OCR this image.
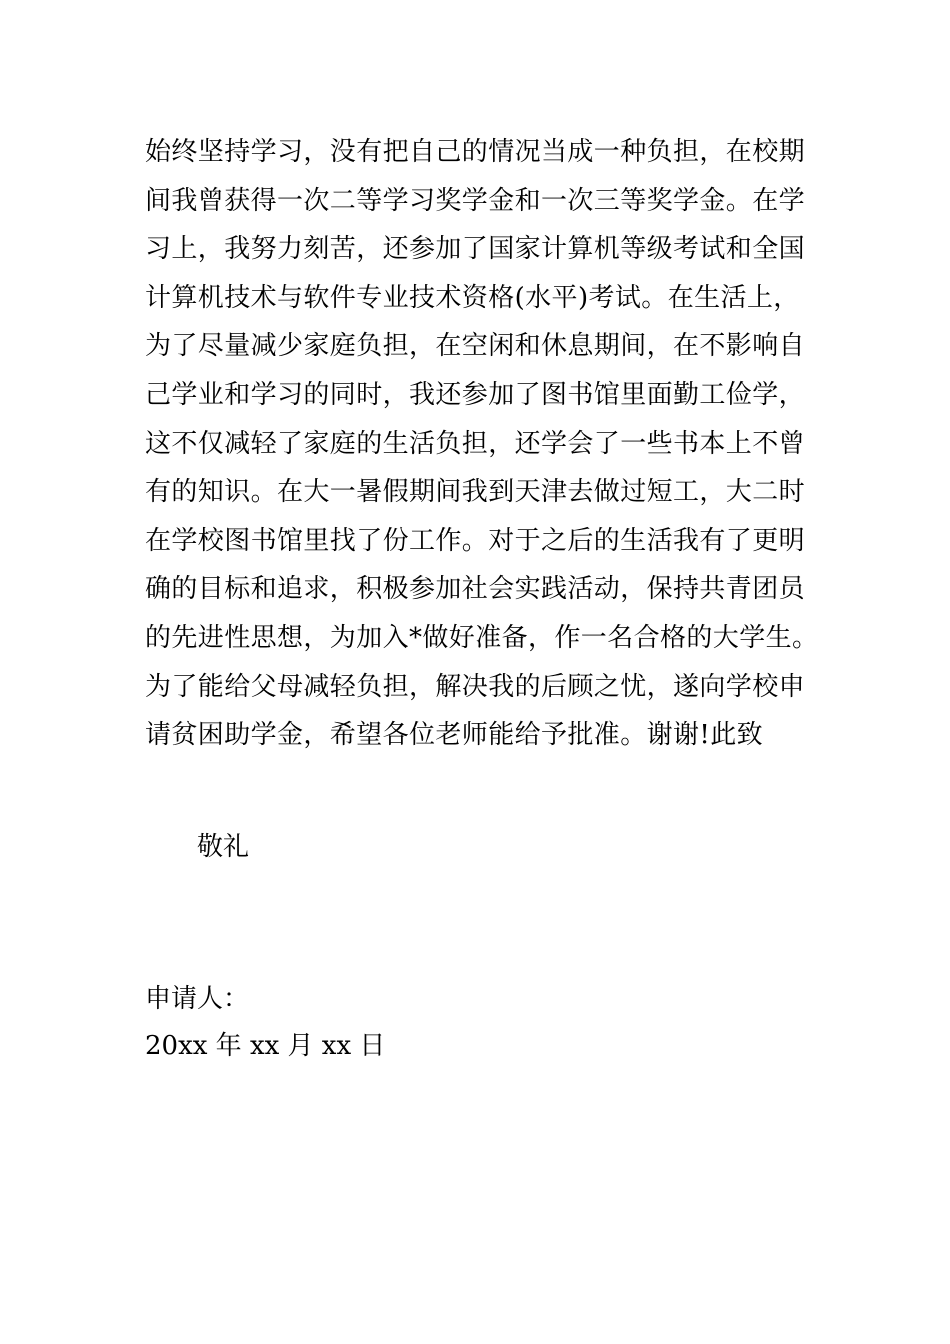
始终坚持学习，没有把自己的情况当成一种负担，在校期
间我曾获得一次二等学习奖学金和一次三等奖学金。在学
习上，我努力刻苦，还参加了国家计算机等级考试和全国
计算机技术与软件专业技术资格(水平)考试。在生活上，
为了尽量减少家庭负担，在空闲和休息期间，在不影响自
己学业和学习的同时，我还参加了图书馆里面勤工俭学，
这不仅减轻了家庭的生活负担，还学会了一些书本上不曾
有的知识。在大一暑假期间我到天津去做过短工，大二时
在学校图书馆里找了份工作。对于之后的生活我有了更明
确的目标和追求，积极参加社会实践活动，保持共青团员
的先进性思想，为加入*做好准备，作一名合格的大学生。
为了能给父母减轻负担，解决我的后顾之忧，遂向学校申
请贫困助学金，希望各位老师能给予批准。谢谢!此致
敬礼
申请人：
20xx 年 xx 月 xx 日
